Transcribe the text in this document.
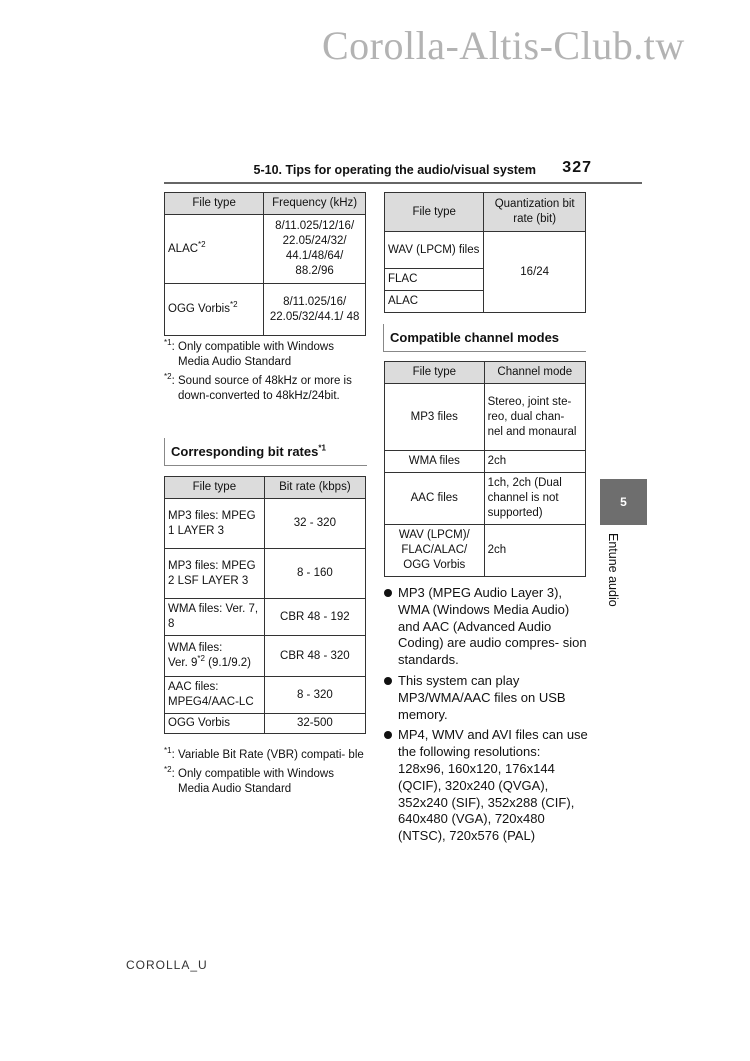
Corolla-Altis-Club.tw
5-10. Tips for operating the audio/visual system 327
File type	Frequency (kHz)
ALAC$^{*2}$	8/11.025/12/16/ 22.05/24/32/ 44.1/48/64/ 88.2/96
OGG Vorbis$^{*2}$	8/11.025/16/ 22.05/32/44.1/ 48
$^{*1}$: Only compatible with Windows Media Audio Standard
$^{*2}$: Sound source of 48kHz or more is down-converted to 48kHz/24bit.
Corresponding bit rates$^{*1}$
File type	Bit rate (kbps)
MP3 files: MPEG 1 LAYER 3	32 - 320
MP3 files: MPEG 2 LSF LAYER 3	8 - 160
WMA files: Ver. 7, 8	CBR 48 - 192
WMA files:
Ver. 9$^{*2}$ (9.1/9.2)	CBR 48 - 320
AAC files: MPEG4/AAC-LC	8 - 320
OGG Vorbis	32-500
$^{*1}$: Variable Bit Rate (VBR) compati- ble
$^{*2}$: Only compatible with Windows Media Audio Standard
File type	Quantization bit rate (bit)
WAV (LPCM) files	16/24
FLAC	
ALAC	
Compatible channel modes
File type	Channel mode
MP3 files	Stereo, joint ste- reo, dual chan- nel and monaural
WMA files	2ch
AAC files	1ch, 2ch (Dual channel is not supported)
WAV (LPCM)/ FLAC/ALAC/ OGG Vorbis	2ch
MP3 (MPEG Audio Layer 3), WMA (Windows Media Audio) and AAC (Advanced Audio Coding) are audio compres- sion standards.
This system can play MP3/WMA/AAC files on USB memory.
MP4, WMV and AVI files can use the following resolutions: 128x96, 160x120, 176x144 (QCIF), 320x240 (QVGA), 352x240 (SIF), 352x288 (CIF), 640x480 (VGA), 720x480 (NTSC), 720x576 (PAL)
5
Entune audio
COROLLA_U
